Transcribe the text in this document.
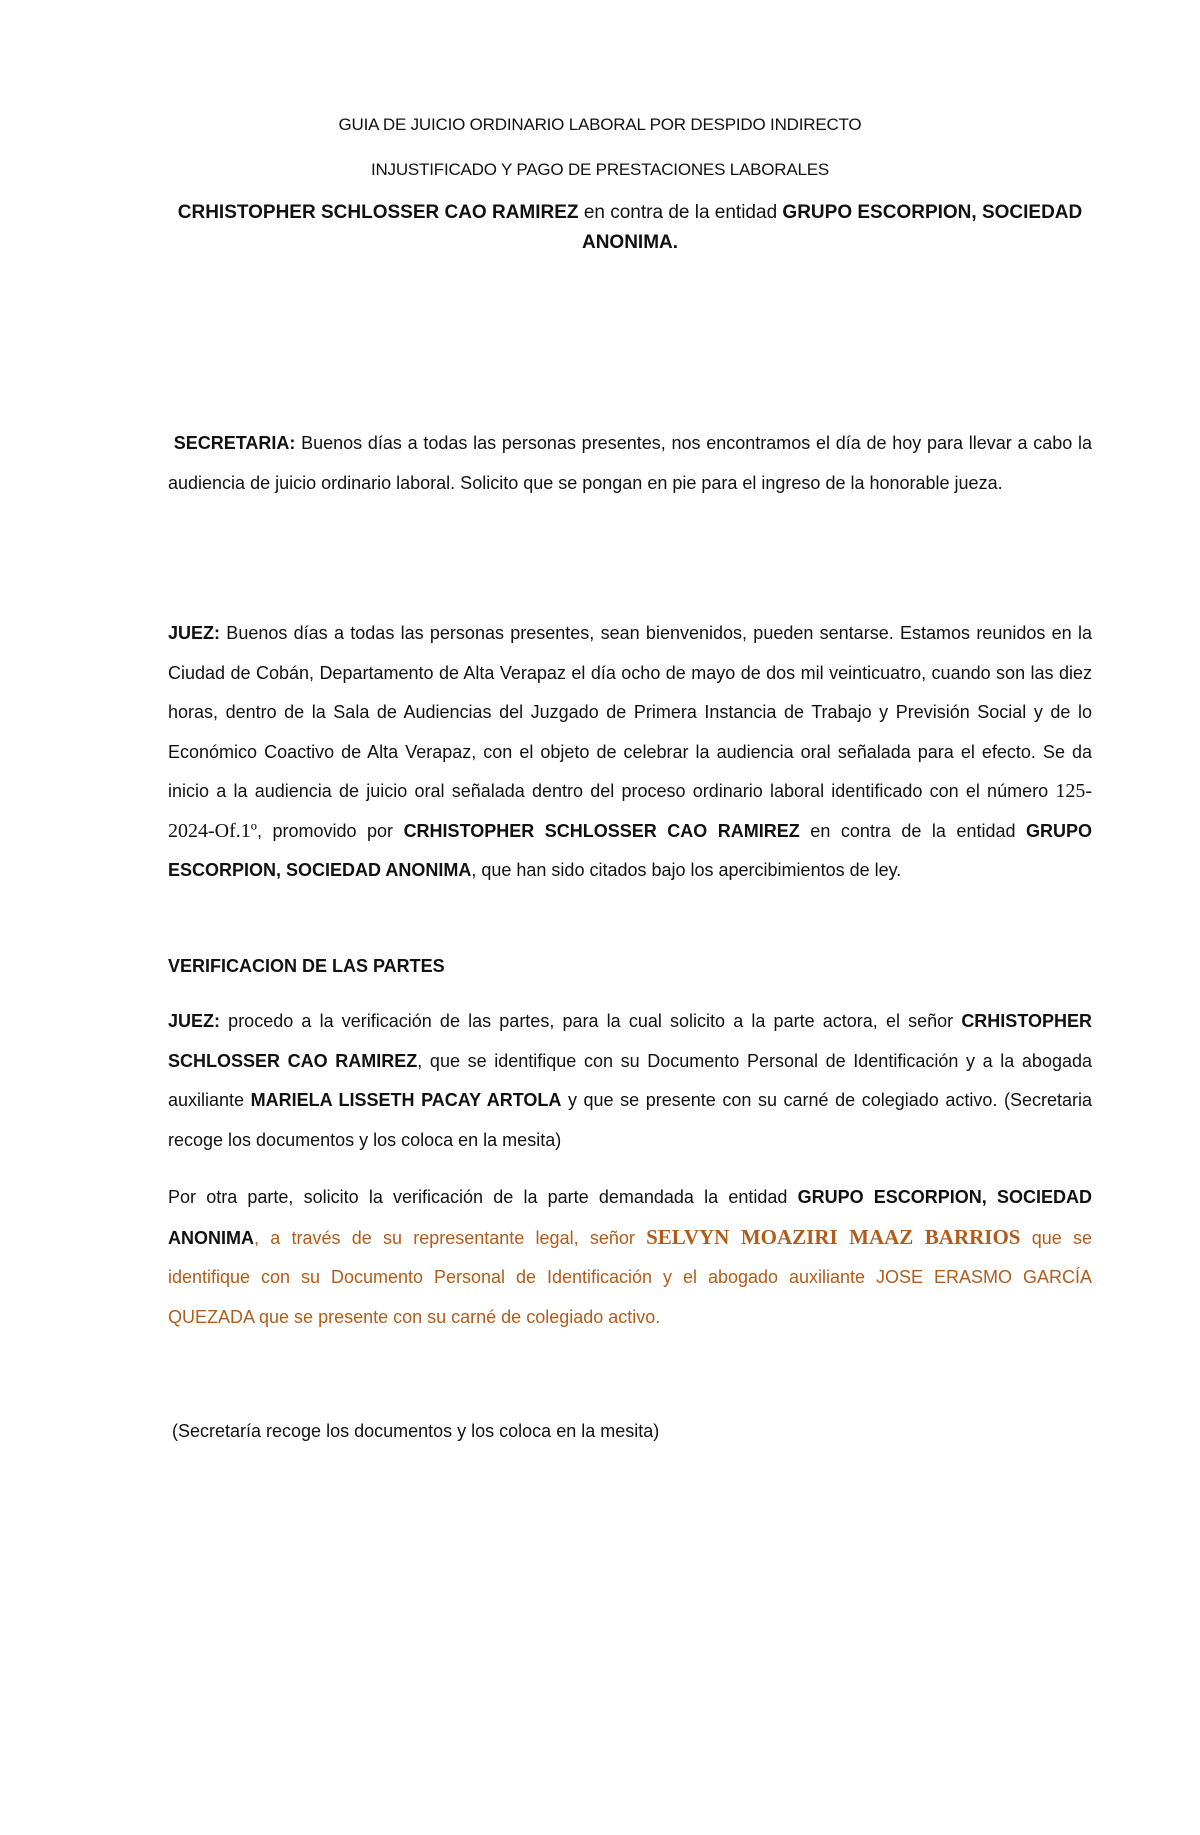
GUIA DE JUICIO ORDINARIO LABORAL POR DESPIDO INDIRECTO
INJUSTIFICADO Y PAGO DE PRESTACIONES LABORALES
CRHISTOPHER SCHLOSSER CAO RAMIREZ en contra de la entidad GRUPO ESCORPION, SOCIEDAD ANONIMA.
SECRETARIA: Buenos días a todas las personas presentes, nos encontramos el día de hoy para llevar a cabo la audiencia de juicio ordinario laboral. Solicito que se pongan en pie para el ingreso de la honorable jueza.
JUEZ: Buenos días a todas las personas presentes, sean bienvenidos, pueden sentarse. Estamos reunidos en la Ciudad de Cobán, Departamento de Alta Verapaz el día ocho de mayo de dos mil veinticuatro, cuando son las diez horas, dentro de la Sala de Audiencias del Juzgado de Primera Instancia de Trabajo y Previsión Social y de lo Económico Coactivo de Alta Verapaz, con el objeto de celebrar la audiencia oral señalada para el efecto. Se da inicio a la audiencia de juicio oral señalada dentro del proceso ordinario laboral identificado con el número 125-2024-Of.1º, promovido por CRHISTOPHER SCHLOSSER CAO RAMIREZ en contra de la entidad GRUPO ESCORPION, SOCIEDAD ANONIMA, que han sido citados bajo los apercibimientos de ley.
VERIFICACION DE LAS PARTES
JUEZ: procedo a la verificación de las partes, para la cual solicito a la parte actora, el señor CRHISTOPHER SCHLOSSER CAO RAMIREZ, que se identifique con su Documento Personal de Identificación y a la abogada auxiliante MARIELA LISSETH PACAY ARTOLA y que se presente con su carné de colegiado activo. (Secretaria recoge los documentos y los coloca en la mesita)
Por otra parte, solicito la verificación de la parte demandada la entidad GRUPO ESCORPION, SOCIEDAD ANONIMA, a través de su representante legal, señor SELVYN MOAZIRI MAAZ BARRIOS que se identifique con su Documento Personal de Identificación y el abogado auxiliante JOSE ERASMO GARCÍA QUEZADA que se presente con su carné de colegiado activo.
(Secretaría recoge los documentos y los coloca en la mesita)
